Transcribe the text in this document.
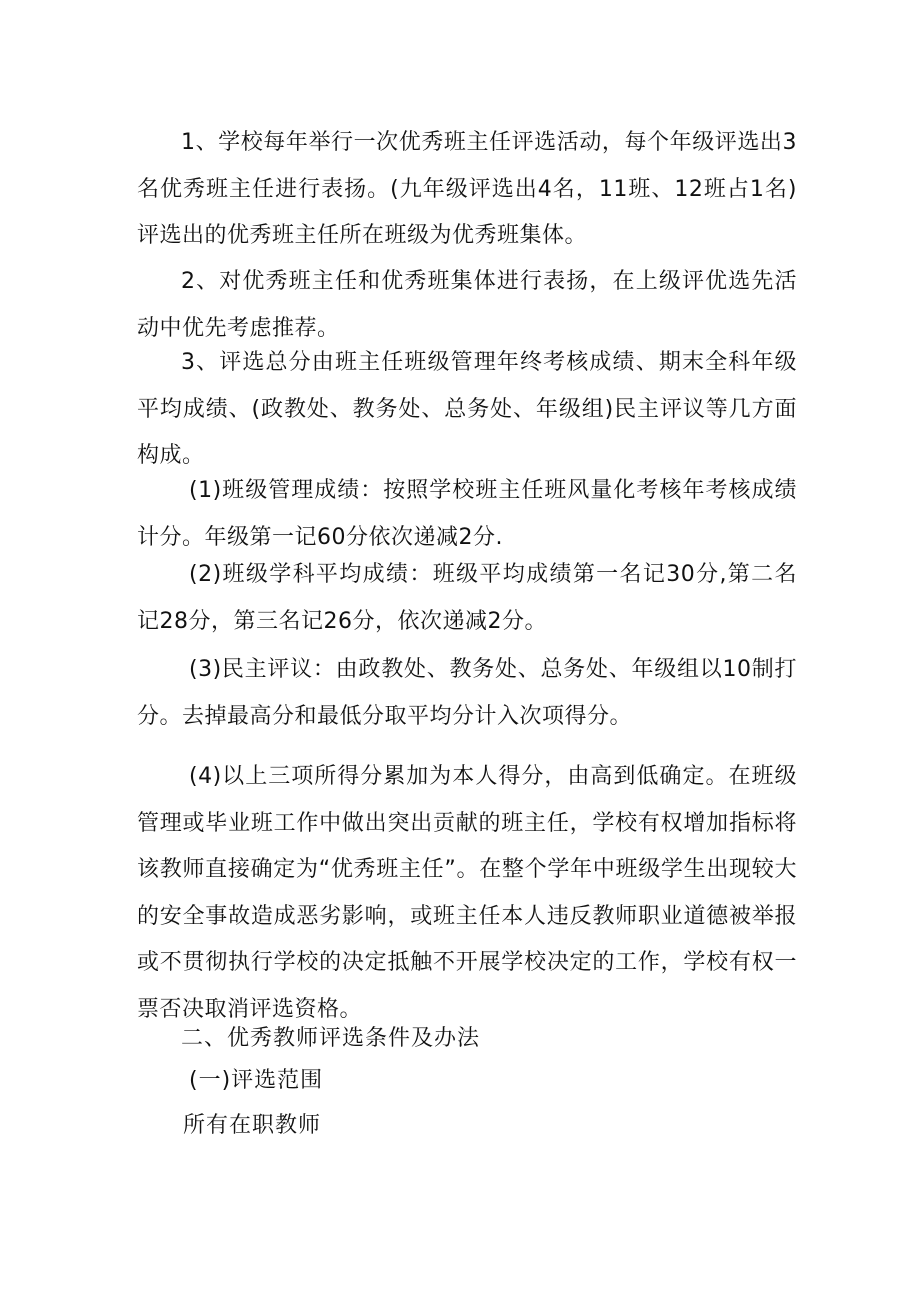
1、学校每年举行一次优秀班主任评选活动，每个年级评选出3名优秀班主任进行表扬。(九年级评选出4名，11班、12班占1名)评选出的优秀班主任所在班级为优秀班集体。

2、对优秀班主任和优秀班集体进行表扬，在上级评优选先活动中优先考虑推荐。

3、评选总分由班主任班级管理年终考核成绩、期末全科年级平均成绩、(政教处、教务处、总务处、年级组)民主评议等几方面构成。

(1)班级管理成绩：按照学校班主任班风量化考核年考核成绩计分。年级第一记60分依次递减2分.

(2)班级学科平均成绩：班级平均成绩第一名记30分,第二名记28分，第三名记26分，依次递减2分。

(3)民主评议：由政教处、教务处、总务处、年级组以10制打分。去掉最高分和最低分取平均分计入次项得分。

(4)以上三项所得分累加为本人得分，由高到低确定。在班级管理或毕业班工作中做出突出贡献的班主任，学校有权增加指标将该教师直接确定为“优秀班主任”。在整个学年中班级学生出现较大的安全事故造成恶劣影响，或班主任本人违反教师职业道德被举报或不贯彻执行学校的决定抵触不开展学校决定的工作，学校有权一票否决取消评选资格。

二、优秀教师评选条件及办法

(一)评选范围

所有在职教师
